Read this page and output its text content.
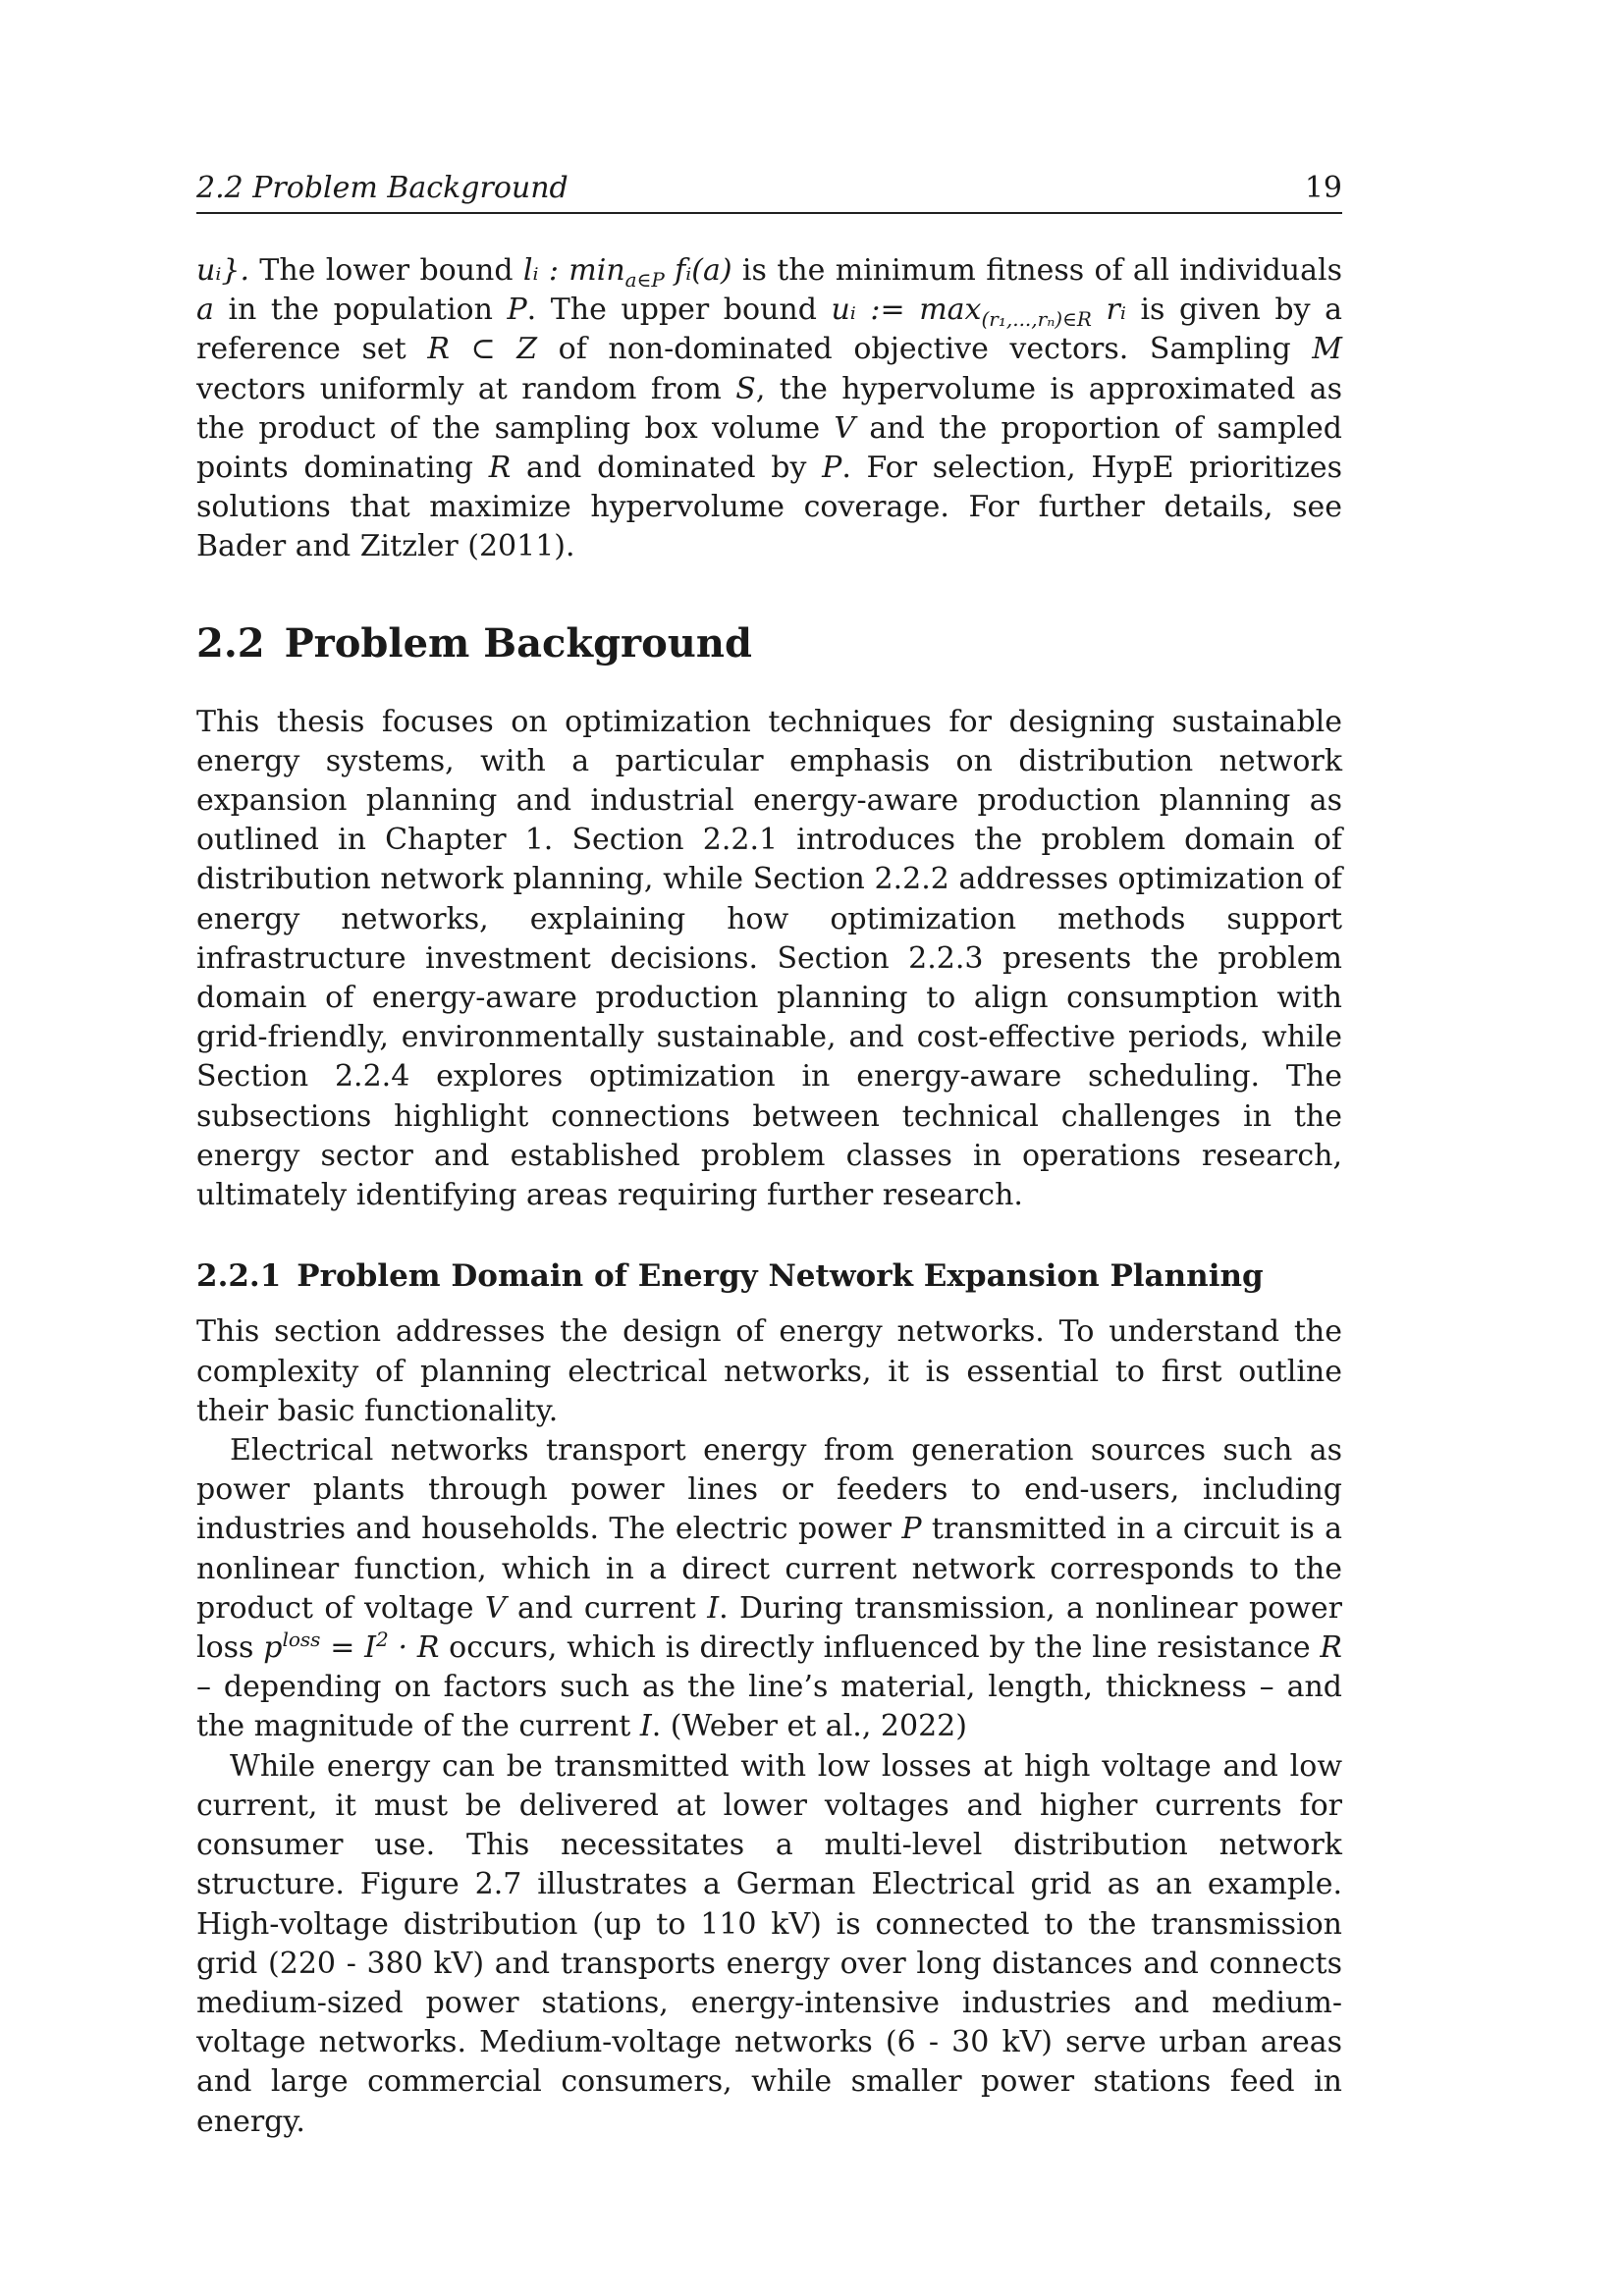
2.2 Problem Background	19

uᵢ}. The lower bound lᵢ : $\min_{a\in P}$ fᵢ(a) is the minimum fitness of all individuals a in the population P. The upper bound uᵢ := $\max_{(r_1,...,r_n)\in R}$ rᵢ is given by a reference set R ⊂ Z of non-dominated objective vectors. Sampling M vectors uniformly at random from S, the hypervolume is approximated as the product of the sampling box volume V and the proportion of sampled points dominating R and dominated by P. For selection, HypE prioritizes solutions that maximize hypervolume coverage. For further details, see Bader and Zitzler (2011).

2.2 Problem Background

This thesis focuses on optimization techniques for designing sustainable energy systems, with a particular emphasis on distribution network expansion planning and industrial energy-aware production planning as outlined in Chapter 1. Section 2.2.1 introduces the problem domain of distribution network planning, while Section 2.2.2 addresses optimization of energy networks, explaining how optimization methods support infrastructure investment decisions. Section 2.2.3 presents the problem domain of energy-aware production planning to align consumption with grid-friendly, environmentally sustainable, and cost-effective periods, while Section 2.2.4 explores optimization in energy-aware scheduling. The subsections highlight connections between technical challenges in the energy sector and established problem classes in operations research, ultimately identifying areas requiring further research.

2.2.1 Problem Domain of Energy Network Expansion Planning

This section addresses the design of energy networks. To understand the complexity of planning electrical networks, it is essential to first outline their basic functionality.

Electrical networks transport energy from generation sources such as power plants through power lines or feeders to end-users, including industries and households. The electric power P transmitted in a circuit is a nonlinear function, which in a direct current network corresponds to the product of voltage V and current I. During transmission, a nonlinear power loss $p^{loss} = I^2 \cdot R$ occurs, which is directly influenced by the line resistance R – depending on factors such as the line’s material, length, thickness – and the magnitude of the current I. (Weber et al., 2022)

While energy can be transmitted with low losses at high voltage and low current, it must be delivered at lower voltages and higher currents for consumer use. This necessitates a multi-level distribution network structure. Figure 2.7 illustrates a German Electrical grid as an example. High-voltage distribution (up to 110 kV) is connected to the transmission grid (220 - 380 kV) and transports energy over long distances and connects medium-sized power stations, energy-intensive industries and medium-voltage networks. Medium-voltage networks (6 - 30 kV) serve urban areas and large commercial consumers, while smaller power stations feed in energy.
